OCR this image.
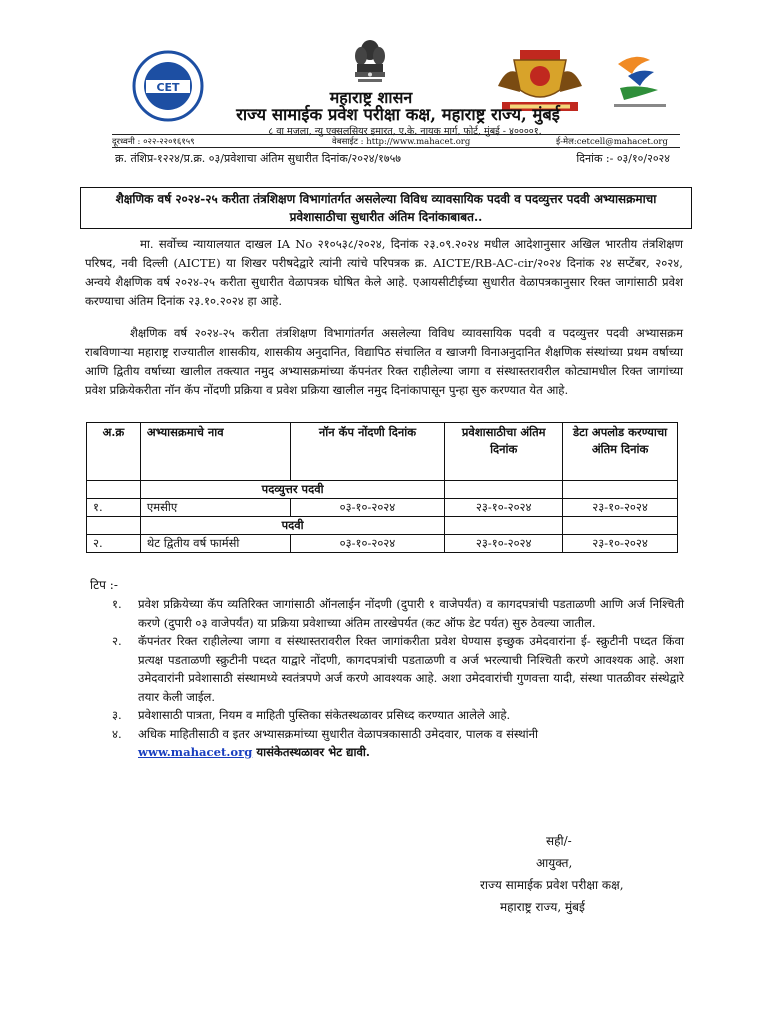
CET
महाराष्ट्र शासन
राज्य सामाईक प्रवेश परीक्षा कक्ष, महाराष्ट्र राज्य, मुंबई
८ वा मजला, न्यु एक्सलसियर इमारत, ए.के. नायक मार्ग, फोर्ट, मुंबई - ४००००१.
दूरध्वनी : ०२२-२२०१६१५९	वेबसाईट : http://www.mahacet.org	ई-मेल:cetcell@mahacet.org
क्र. तंशिप्र-१२२४/प्र.क्र. ०३/प्रवेशाचा अंतिम सुधारीत दिनांक/२०२४/१७५७	दिनांक :- ०३/१०/२०२४
शैक्षणिक वर्ष २०२४-२५ करीता तंत्रशिक्षण विभागांतर्गत असलेल्या विविध व्यावसायिक पदवी व पदव्युत्तर पदवी अभ्यासक्रमाचा प्रवेशासाठीचा सुधारीत अंतिम दिनांकाबाबत..

मा. सर्वोच्च न्यायालयात दाखल IA No २१०५३८/२०२४, दिनांक २३.०९.२०२४ मधील आदेशानुसार अखिल भारतीय तंत्रशिक्षण परिषद, नवी दिल्ली (AICTE) या शिखर परीषदेद्वारे त्यांनी त्यांचे परिपत्रक क्र. AICTE/RB-AC-cir/२०२४ दिनांक २४ सप्टेंबर, २०२४, अन्वये शैक्षणिक वर्ष २०२४-२५ करीता सुधारीत वेळापत्रक घोषित केले आहे. एआयसीटीईच्या सुधारीत वेळापत्रकानुसार रिक्त जागांसाठी प्रवेश करण्याचा अंतिम दिनांक २३.१०.२०२४ हा आहे.

शैक्षणिक वर्ष २०२४-२५ करीता तंत्रशिक्षण विभागांतर्गत असलेल्या विविध व्यावसायिक पदवी व पदव्युत्तर पदवी अभ्यासक्रम राबविणाऱ्या महाराष्ट्र राज्यातील शासकीय, शासकीय अनुदानित, विद्यापिठ संचालित व खाजगी विनाअनुदानित शैक्षणिक संस्थांच्या प्रथम वर्षाच्या आणि द्वितीय वर्षाच्या खालील तक्त्यात नमुद अभ्यासक्रमांच्या कॅपनंतर रिक्त राहीलेल्या जागा व संस्थास्तरावरील कोट्यामधील रिक्त जागांच्या प्रवेश प्रक्रियेकरीता नॉन कॅप नोंदणी प्रक्रिया व प्रवेश प्रक्रिया खालील नमुद दिनांकापासून पुन्हा सुरु करण्यात येत आहे.

अ.क्र	अभ्यासक्रमाचे नाव	नॉन कॅप नोंदणी दिनांक	प्रवेशासाठीचा अंतिम दिनांक	डेटा अपलोड करण्याचा अंतिम दिनांक
	पदव्युत्तर पदवी			
१.	एमसीए	०३-१०-२०२४	२३-१०-२०२४	२३-१०-२०२४
	पदवी			
२.	थेट द्वितीय वर्ष फार्मसी	०३-१०-२०२४	२३-१०-२०२४	२३-१०-२०२४
टिप :-
१.	प्रवेश प्रक्रियेच्या कॅप व्यतिरिक्त जागांसाठी ऑनलाईन नोंदणी (दुपारी १ वाजेपर्यंत) व कागदपत्रांची पडताळणी आणि अर्ज निश्चिती करणे (दुपारी ०३ वाजेपर्यंत) या प्रक्रिया प्रवेशाच्या अंतिम तारखेपर्यत (कट ऑफ डेट पर्यत) सुरु ठेवल्या जातील.
२.	कॅपनंतर रिक्त राहीलेल्या जागा व संस्थास्तरावरील रिक्त जागांकरीता प्रवेश घेण्यास इच्छुक उमेदवारांना ई- स्क्रुटीनी पध्दत किंवा प्रत्यक्ष पडताळणी स्क्रुटीनी पध्दत याद्वारे नोंदणी, कागदपत्रांची पडताळणी व अर्ज भरल्याची निश्चिती करणे आवश्यक आहे. अशा उमेदवारांनी प्रवेशासाठी संस्थामध्ये स्वतंत्रपणे अर्ज करणे आवश्यक आहे. अशा उमेदवारांची गुणवत्ता यादी, संस्था पातळीवर संस्थेद्वारे तयार केली जाईल.
३.	प्रवेशासाठी पात्रता, नियम व माहिती पुस्तिका संकेतस्थळावर प्रसिध्द करण्यात आलेले आहे.
४.	अधिक माहितीसाठी व इतर अभ्यासक्रमांच्या सुधारीत वेळापत्रकासाठी उमेदवार, पालक व संस्थांनी
www.mahacet.org यासंकेतस्थळावर भेट द्यावी.
सही/-
आयुक्त,
राज्य सामाईक प्रवेश परीक्षा कक्ष,
महाराष्ट्र राज्य, मुंबई
